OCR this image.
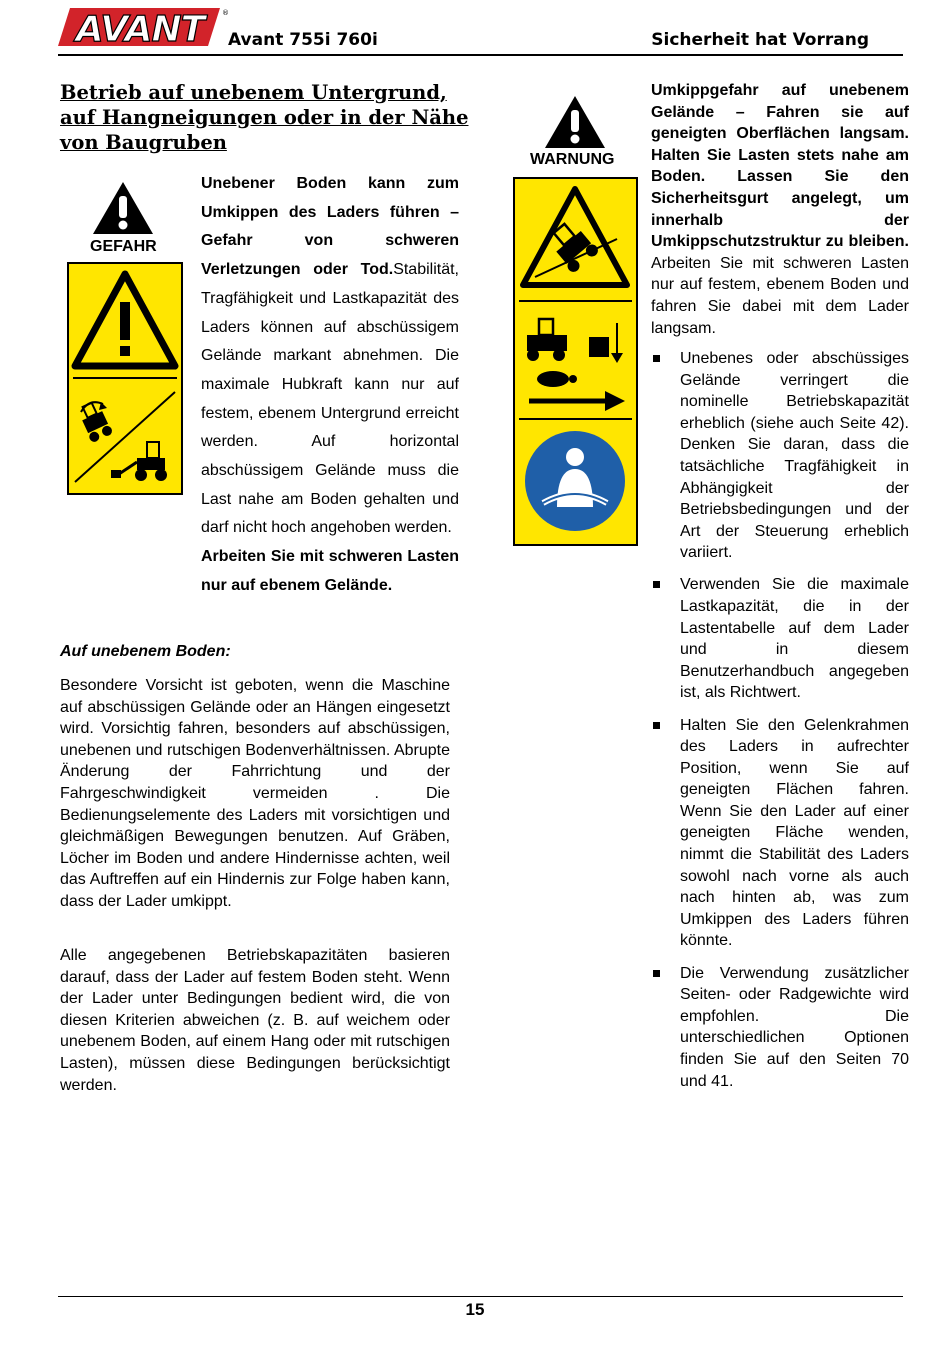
AVANT	®
Avant 755i 760i	Sicherheit hat Vorrang
Betrieb auf unebenem Untergrund,
auf Hangneigungen oder in der Nähe
von Baugruben
GEFAHR

Unebener Boden kann zum Umkippen des Laders führen – Gefahr von schweren Verletzungen oder Tod.Stabilität, Tragfähigkeit und Lastkapazität des Laders können auf abschüssigem Gelände markant abnehmen. Die maximale Hubkraft kann nur auf festem, ebenem Untergrund erreicht werden. Auf horizontal abschüssigem Gelände muss die Last nahe am Boden gehalten und darf nicht hoch angehoben werden.

Arbeiten Sie mit schweren Lasten nur auf ebenem Gelände.

Auf unebenem Boden:

Besondere Vorsicht ist geboten, wenn die Maschine auf abschüssigen Gelände oder an Hängen eingesetzt wird. Vorsichtig fahren, besonders auf abschüssigen, unebenen und rutschigen Bodenverhältnissen. Abrupte Änderung der Fahrrichtung und der Fahrgeschwindigkeit vermeiden . Die Bedienungselemente des Laders mit vorsichtigen und gleichmäßigen Bewegungen benutzen. Auf Gräben, Löcher im Boden und andere Hindernisse achten, weil das Auftreffen auf ein Hindernis zur Folge haben kann, dass der Lader umkippt.

Alle angegebenen Betriebskapazitäten basieren darauf, dass der Lader auf festem Boden steht. Wenn der Lader unter Bedingungen bedient wird, die von diesen Kriterien abweichen (z. B. auf weichem oder unebenem Boden, auf einem Hang oder mit rutschigen Lasten), müssen diese Bedingungen berücksichtigt werden.

WARNUNG

Umkippgefahr auf unebenem Gelände – Fahren sie auf geneigten Oberflächen langsam. Halten Sie Lasten stets nahe am Boden. Lassen Sie den Sicherheitsgurt angelegt, um innerhalb der Umkippschutzstruktur zu bleiben. Arbeiten Sie mit schweren Lasten nur auf festem, ebenem Boden und fahren Sie dabei mit dem Lader langsam.

Unebenes oder abschüssiges Gelände verringert die nominelle Betriebskapazität erheblich (siehe auch Seite 42). Denken Sie daran, dass die tatsächliche Tragfähigkeit in Abhängigkeit der Betriebsbedingungen und der Art der Steuerung erheblich variiert.
Verwenden Sie die maximale Lastkapazität, die in der Lastentabelle auf dem Lader und in diesem Benutzerhandbuch angegeben ist, als Richtwert.
Halten Sie den Gelenkrahmen des Laders in aufrechter Position, wenn Sie auf geneigten Flächen fahren. Wenn Sie den Lader auf einer geneigten Fläche wenden, nimmt die Stabilität des Laders sowohl nach vorne als auch nach hinten ab, was zum Umkippen des Laders führen könnte.
Die Verwendung zusätzlicher Seiten- oder Radgewichte wird empfohlen. Die unterschiedlichen Optionen finden Sie auf den Seiten 70 und 41.
15
